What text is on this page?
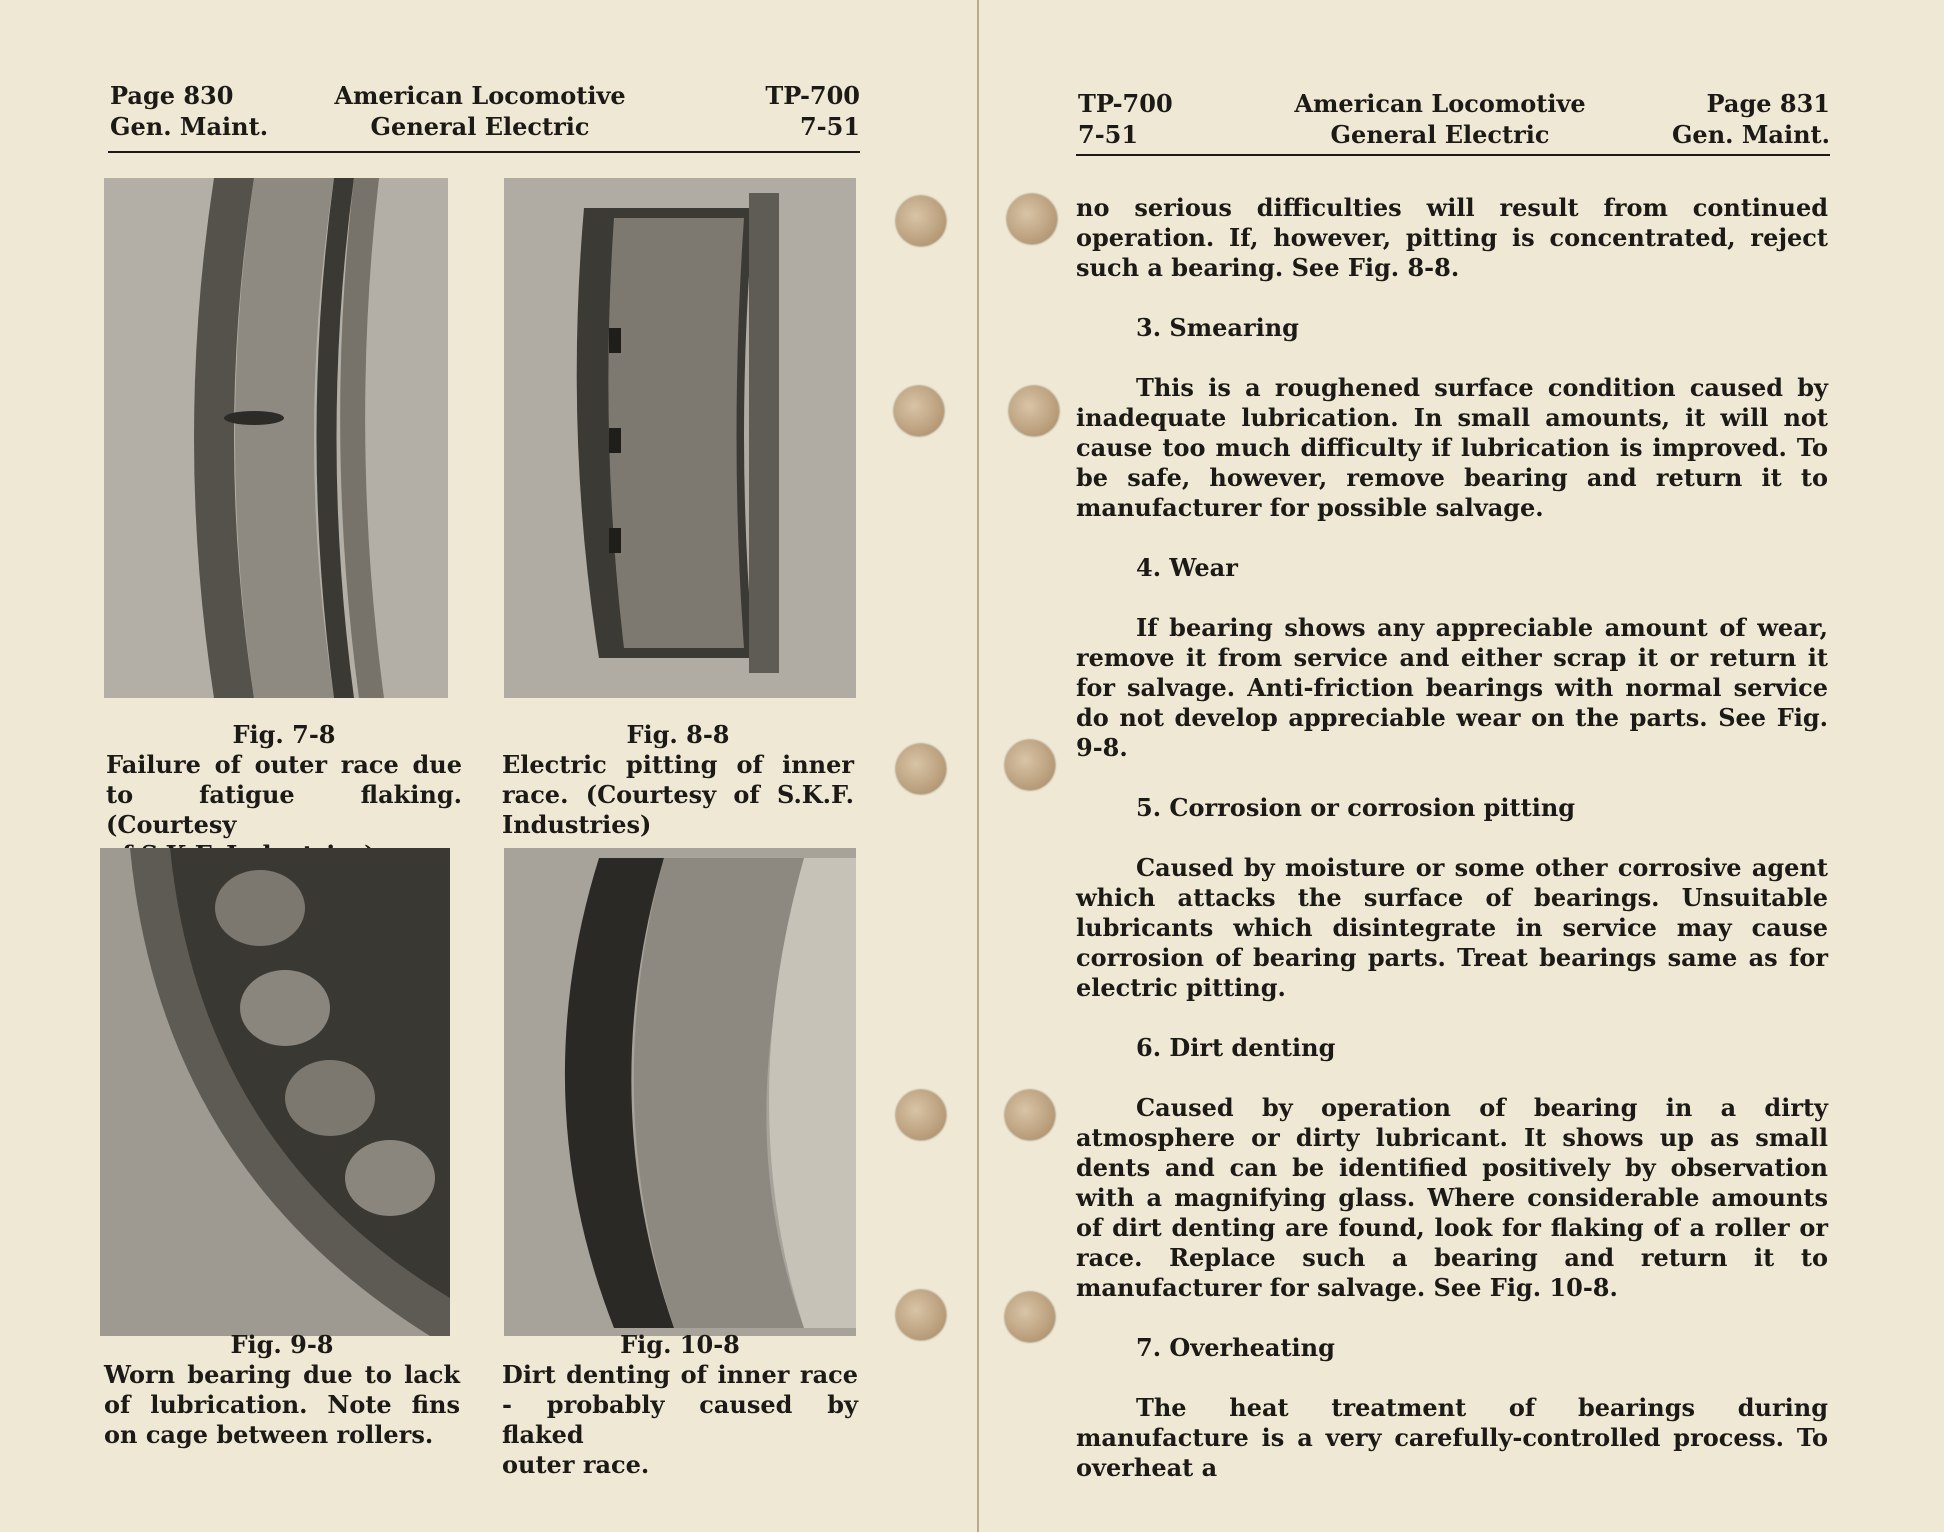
Page 830
Gen. Maint.
American Locomotive
General Electric
TP-700
7-51
Fig. 7-8
Failure of outer race due
to fatigue flaking. (Courtesy
Fig. 8-8
Electric pitting of inner
race. (Courtesy of S.K.F.
Industries)
Fig. 9-8
Worn bearing due to lack
of lubrication. Note fins
on cage between rollers.
Fig. 10-8
Dirt denting of inner race
- probably caused by flaked
outer race.
TP-700
7-51
American Locomotive
General Electric
Page 831
Gen. Maint.

no serious difficulties will result from continued operation. If, however, pitting is concentrated, reject such a bearing. See Fig. 8-8.

3. Smearing

This is a roughened surface condition caused by inadequate lubrication. In small amounts, it will not cause too much difficulty if lubrication is improved. To be safe, however, remove bearing and return it to manufacturer for possible salvage.

4. Wear

If bearing shows any appreciable amount of wear, remove it from service and either scrap it or return it for salvage. Anti-friction bearings with normal service do not develop appreciable wear on the parts. See Fig. 9-8.

5. Corrosion or corrosion pitting

Caused by moisture or some other corrosive agent which attacks the surface of bearings. Unsuitable lubricants which disintegrate in service may cause corrosion of bearing parts. Treat bearings same as for electric pitting.

6. Dirt denting

Caused by operation of bearing in a dirty atmosphere or dirty lubricant. It shows up as small dents and can be identified positively by observation with a magnifying glass. Where considerable amounts of dirt denting are found, look for flaking of a roller or race. Replace such a bearing and return it to manufacturer for salvage. See Fig. 10-8.

7. Overheating

The heat treatment of bearings during manufacture is a very carefully-controlled process. To overheat a
